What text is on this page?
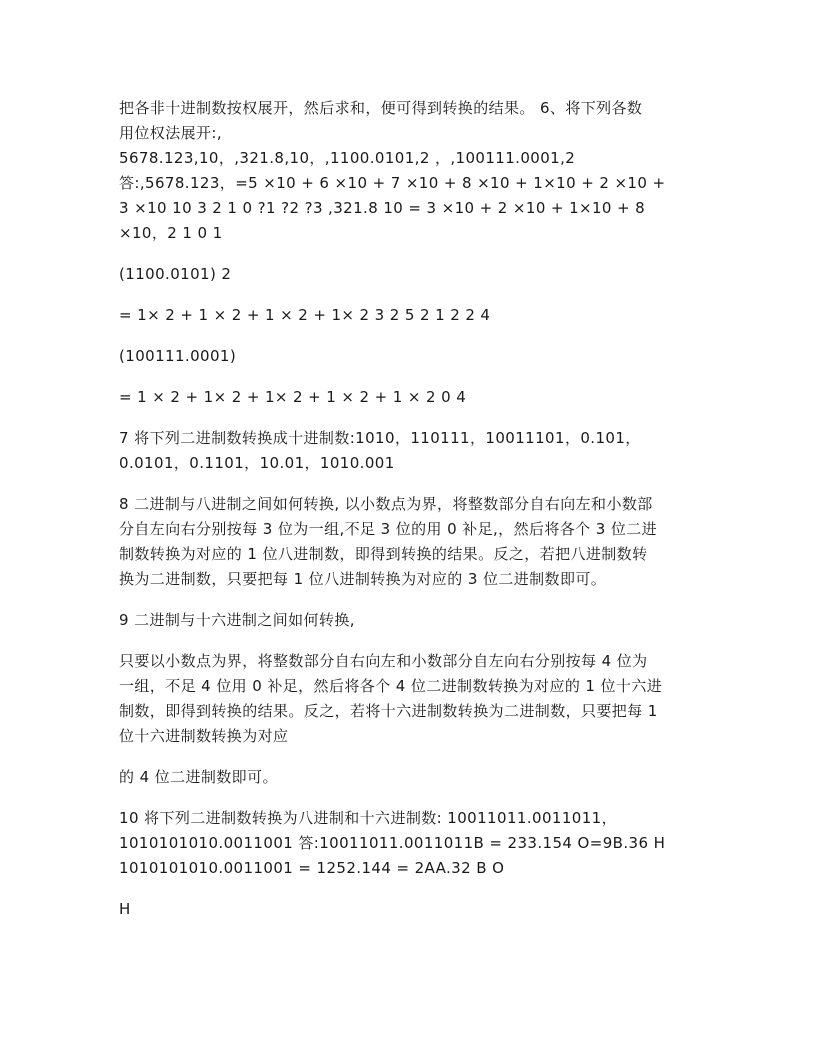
把各非十进制数按权展开，然后求和，便可得到转换的结果。 6、将下列各数
用位权法展开:,
5678.123,10，,321.8,10，,1100.0101,2 ，,100111.0001,2
答:,5678.123，=5 ×10 + 6 ×10 + 7 ×10 + 8 ×10 + 1×10 + 2 ×10 +
3 ×10 10 3 2 1 0 ?1 ?2 ?3 ,321.8 10 = 3 ×10 + 2 ×10 + 1×10 + 8
×10，2 1 0 1
(1100.0101) 2
= 1× 2 + 1 × 2 + 1 × 2 + 1× 2 3 2 5 2 1 2 2 4
(100111.0001)
= 1 × 2 + 1× 2 + 1× 2 + 1 × 2 + 1 × 2 0 4
7 将下列二进制数转换成十进制数:1010，110111，10011101，0.101，
0.0101，0.1101，10.01，1010.001
8 二进制与八进制之间如何转换, 以小数点为界，将整数部分自右向左和小数部
分自左向右分别按每 3 位为一组,不足 3 位的用 0 补足,，然后将各个 3 位二进
制数转换为对应的 1 位八进制数，即得到转换的结果。反之，若把八进制数转
换为二进制数，只要把每 1 位八进制转换为对应的 3 位二进制数即可。
9 二进制与十六进制之间如何转换,
只要以小数点为界，将整数部分自右向左和小数部分自左向右分别按每 4 位为
一组，不足 4 位用 0 补足，然后将各个 4 位二进制数转换为对应的 1 位十六进
制数，即得到转换的结果。反之，若将十六进制数转换为二进制数，只要把每 1
位十六进制数转换为对应
的 4 位二进制数即可。
10 将下列二进制数转换为八进制和十六进制数: 10011011.0011011，
1010101010.0011001 答:10011011.0011011B = 233.154 O=9B.36 H
1010101010.0011001 = 1252.144 = 2AA.32 B O
H
